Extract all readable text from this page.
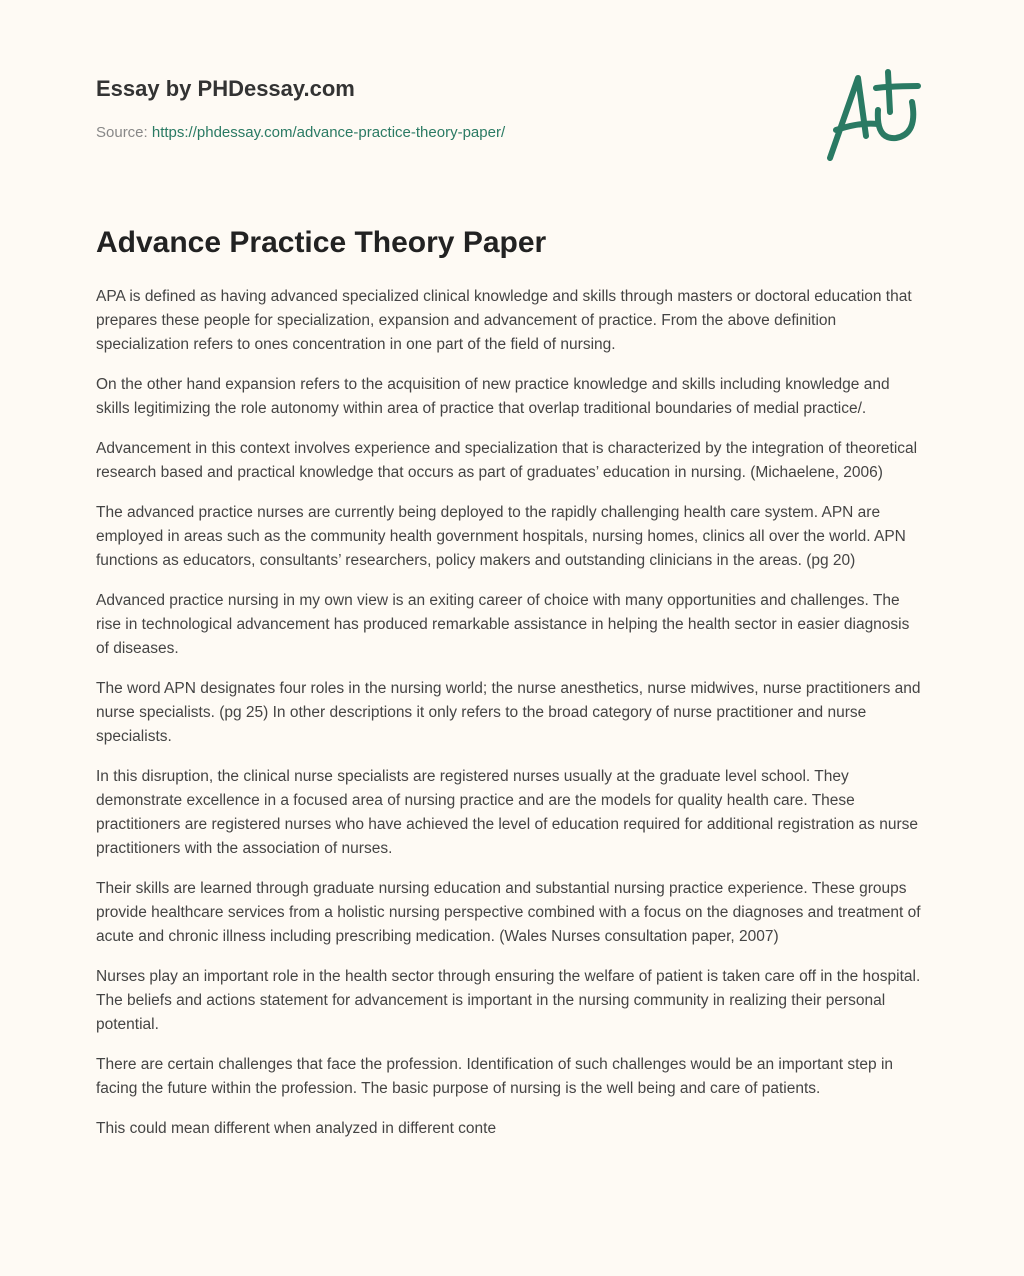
Essay by PHDessay.com
Source: https://phdessay.com/advance-practice-theory-paper/
Advance Practice Theory Paper

APA is defined as having advanced specialized clinical knowledge and skills through masters or doctoral education that prepares these people for specialization, expansion and advancement of practice. From the above definition specialization refers to ones concentration in one part of the field of nursing.

On the other hand expansion refers to the acquisition of new practice knowledge and skills including knowledge and skills legitimizing the role autonomy within area of practice that overlap traditional boundaries of medial practice/.

Advancement in this context involves experience and specialization that is characterized by the integration of theoretical research based and practical knowledge that occurs as part of graduates’ education in nursing. (Michaelene, 2006)

The advanced practice nurses are currently being deployed to the rapidly challenging health care system. APN are employed in areas such as the community health government hospitals, nursing homes, clinics all over the world. APN functions as educators, consultants’ researchers, policy makers and outstanding clinicians in the areas. (pg 20)

Advanced practice nursing in my own view is an exiting career of choice with many opportunities and challenges. The rise in technological advancement has produced remarkable assistance in helping the health sector in easier diagnosis of diseases.

The word APN designates four roles in the nursing world; the nurse anesthetics, nurse midwives, nurse practitioners and nurse specialists. (pg 25) In other descriptions it only refers to the broad category of nurse practitioner and nurse specialists.

In this disruption, the clinical nurse specialists are registered nurses usually at the graduate level school. They demonstrate excellence in a focused area of nursing practice and are the models for quality health care. These practitioners are registered nurses who have achieved the level of education required for additional registration as nurse practitioners with the association of nurses.

Their skills are learned through graduate nursing education and substantial nursing practice experience. These groups provide healthcare services from a holistic nursing perspective combined with a focus on the diagnoses and treatment of acute and chronic illness including prescribing medication. (Wales Nurses consultation paper, 2007)

Nurses play an important role in the health sector through ensuring the welfare of patient is taken care off in the hospital. The beliefs and actions statement for advancement is important in the nursing community in realizing their personal potential.

There are certain challenges that face the profession. Identification of such challenges would be an important step in facing the future within the profession. The basic purpose of nursing is the well being and care of patients.

This could mean different when analyzed in different conte
